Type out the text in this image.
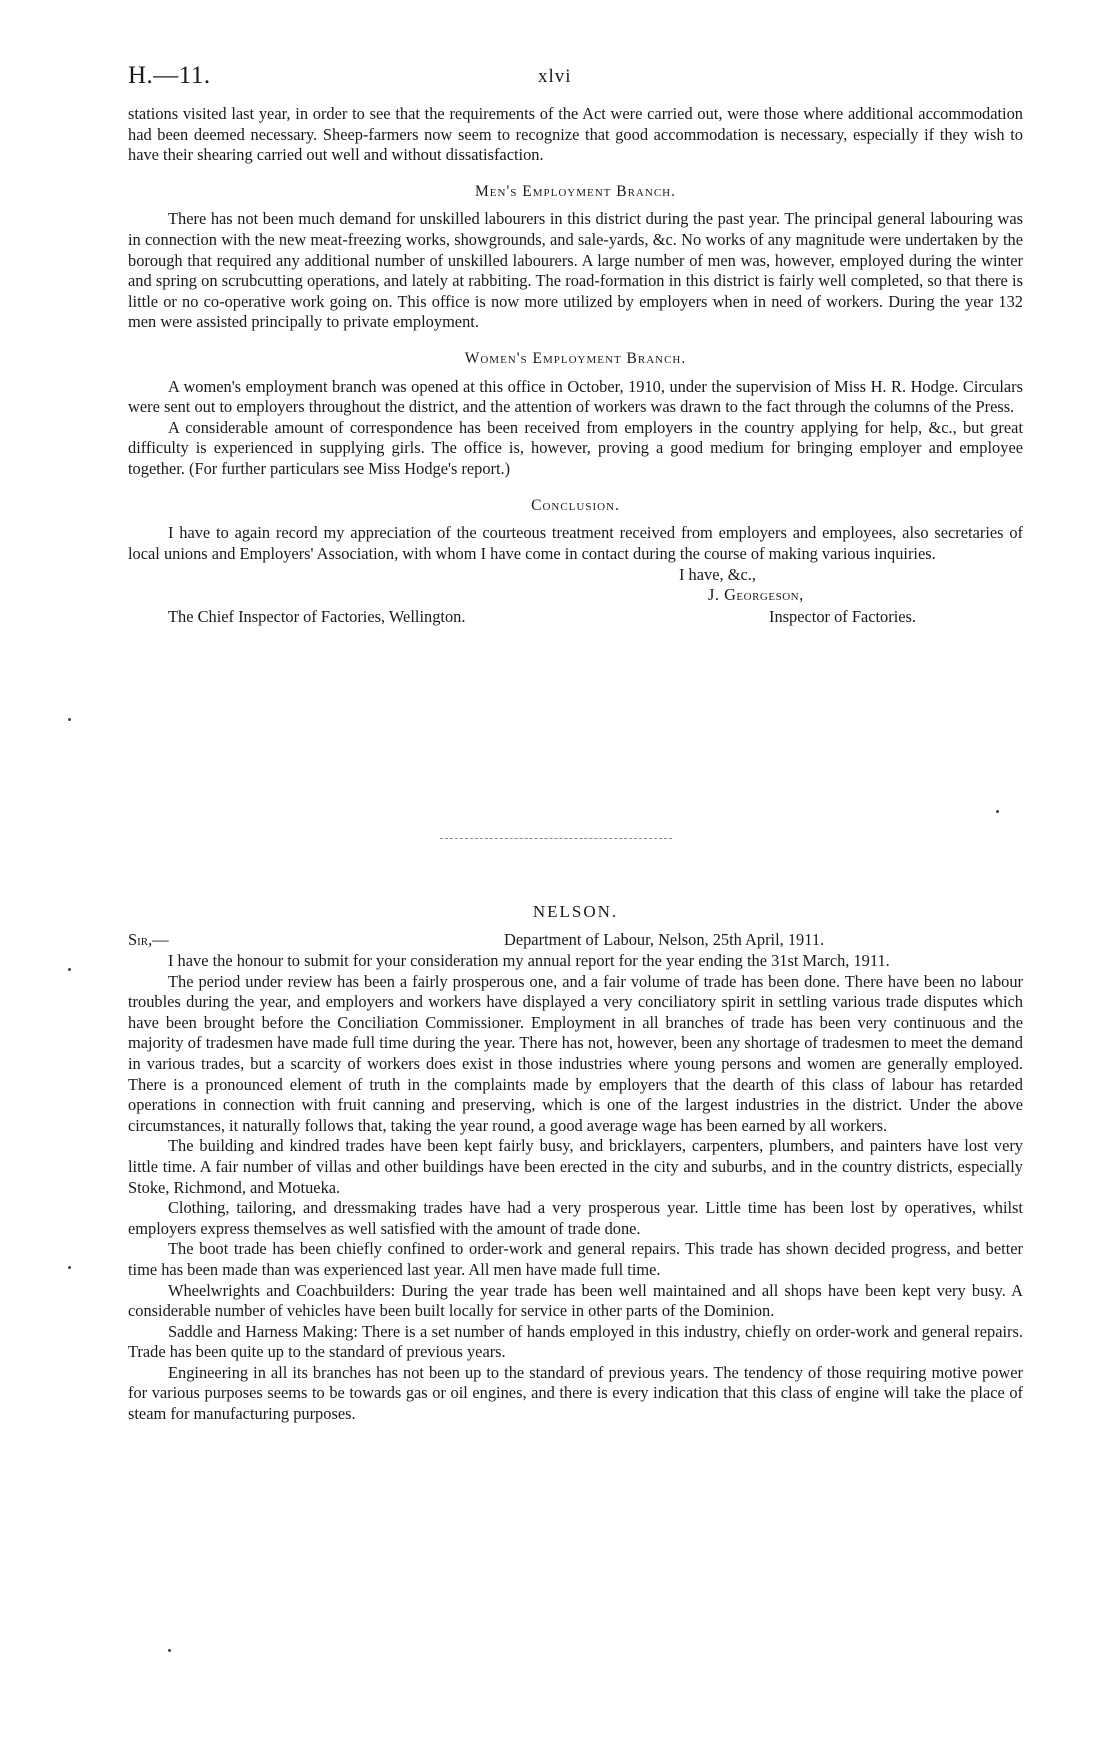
H.—11.	xlvi

stations visited last year, in order to see that the requirements of the Act were carried out, were those where additional accommodation had been deemed necessary. Sheep-farmers now seem to recognize that good accommodation is necessary, especially if they wish to have their shearing carried out well and without dissatisfaction.

Men's Employment Branch.

There has not been much demand for unskilled labourers in this district during the past year. The principal general labouring was in connection with the new meat-freezing works, showgrounds, and sale-yards, &c. No works of any magnitude were undertaken by the borough that required any additional number of unskilled labourers. A large number of men was, however, employed during the winter and spring on scrubcutting operations, and lately at rabbiting. The road-formation in this district is fairly well completed, so that there is little or no co-operative work going on. This office is now more utilized by employers when in need of workers. During the year 132 men were assisted principally to private employment.

Women's Employment Branch.

A women's employment branch was opened at this office in October, 1910, under the supervision of Miss H. R. Hodge. Circulars were sent out to employers throughout the district, and the attention of workers was drawn to the fact through the columns of the Press.

A considerable amount of correspondence has been received from employers in the country applying for help, &c., but great difficulty is experienced in supplying girls. The office is, however, proving a good medium for bringing employer and employee together. (For further particulars see Miss Hodge's report.)

Conclusion.

I have to again record my appreciation of the courteous treatment received from employers and employees, also secretaries of local unions and Employers' Association, with whom I have come in contact during the course of making various inquiries.

I have, &c.,
J. Georgeson,
The Chief Inspector of Factories, Wellington.	Inspector of Factories.
NELSON.
Sir,—	Department of Labour, Nelson, 25th April, 1911.

I have the honour to submit for your consideration my annual report for the year ending the 31st March, 1911.

The period under review has been a fairly prosperous one, and a fair volume of trade has been done. There have been no labour troubles during the year, and employers and workers have displayed a very conciliatory spirit in settling various trade disputes which have been brought before the Conciliation Commissioner. Employment in all branches of trade has been very continuous and the majority of tradesmen have made full time during the year. There has not, however, been any shortage of tradesmen to meet the demand in various trades, but a scarcity of workers does exist in those industries where young persons and women are generally employed. There is a pronounced element of truth in the complaints made by employers that the dearth of this class of labour has retarded operations in connection with fruit canning and preserving, which is one of the largest industries in the district. Under the above circumstances, it naturally follows that, taking the year round, a good average wage has been earned by all workers.

The building and kindred trades have been kept fairly busy, and bricklayers, carpenters, plumbers, and painters have lost very little time. A fair number of villas and other buildings have been erected in the city and suburbs, and in the country districts, especially Stoke, Richmond, and Motueka.

Clothing, tailoring, and dressmaking trades have had a very prosperous year. Little time has been lost by operatives, whilst employers express themselves as well satisfied with the amount of trade done.

The boot trade has been chiefly confined to order-work and general repairs. This trade has shown decided progress, and better time has been made than was experienced last year. All men have made full time.

Wheelwrights and Coachbuilders: During the year trade has been well maintained and all shops have been kept very busy. A considerable number of vehicles have been built locally for service in other parts of the Dominion.

Saddle and Harness Making: There is a set number of hands employed in this industry, chiefly on order-work and general repairs. Trade has been quite up to the standard of previous years.

Engineering in all its branches has not been up to the standard of previous years. The tendency of those requiring motive power for various purposes seems to be towards gas or oil engines, and there is every indication that this class of engine will take the place of steam for manufacturing purposes.
